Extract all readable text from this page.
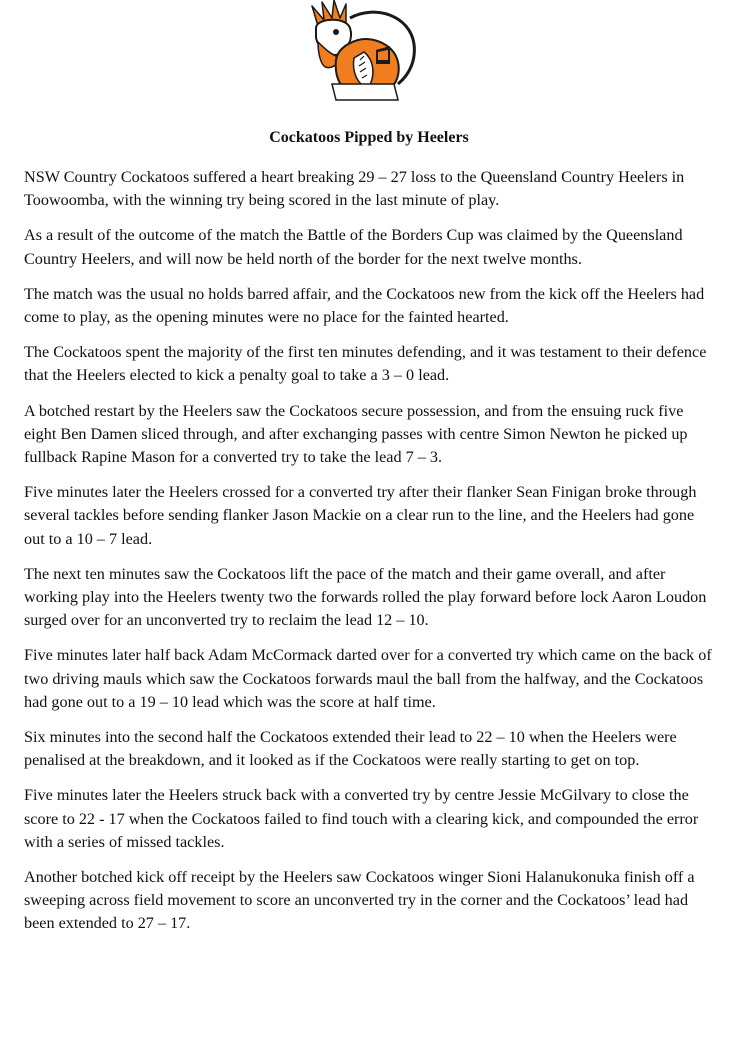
Cockatoos Pipped by Heelers

NSW Country Cockatoos suffered a heart breaking 29 – 27 loss to the Queensland Country Heelers in Toowoomba, with the winning try being scored in the last minute of play.

As a result of the outcome of the match the Battle of the Borders Cup was claimed by the Queensland Country Heelers, and will now be held north of the border for the next twelve months.

The match was the usual no holds barred affair, and the Cockatoos new from the kick off the Heelers had come to play, as the opening minutes were no place for the fainted hearted.

The Cockatoos spent the majority of the first ten minutes defending, and it was testament to their defence that the Heelers elected to kick a penalty goal to take a 3 – 0 lead.

A botched restart by the Heelers saw the Cockatoos secure possession, and from the ensuing ruck five eight Ben Damen sliced through, and after exchanging passes with centre Simon Newton he picked up fullback Rapine Mason for a converted try to take the lead 7 – 3.

Five minutes later the Heelers crossed for a converted try after their flanker Sean Finigan broke through several tackles before sending flanker Jason Mackie on a clear run to the line, and the Heelers had gone out to a 10 – 7 lead.

The next ten minutes saw the Cockatoos lift the pace of the match and their game overall, and after working play into the Heelers twenty two the forwards rolled the play forward before lock Aaron Loudon surged over for an unconverted try to reclaim the lead 12 – 10.

Five minutes later half back Adam McCormack darted over for a converted try which came on the back of two driving mauls which saw the Cockatoos forwards maul the ball from the halfway, and the Cockatoos had gone out to a 19 – 10 lead which was the score at half time.

Six minutes into the second half the Cockatoos extended their lead to 22 – 10 when the Heelers were penalised at the breakdown, and it looked as if the Cockatoos were really starting to get on top.

Five minutes later the Heelers struck back with a converted try by centre Jessie McGilvary to close the score to 22 - 17 when the Cockatoos failed to find touch with a clearing kick, and compounded the error with a series of missed tackles.

Another botched kick off receipt by the Heelers saw Cockatoos winger Sioni Halanukonuka finish off a sweeping across field movement to score an unconverted try in the corner and the Cockatoos’ lead had been extended to 27 – 17.
